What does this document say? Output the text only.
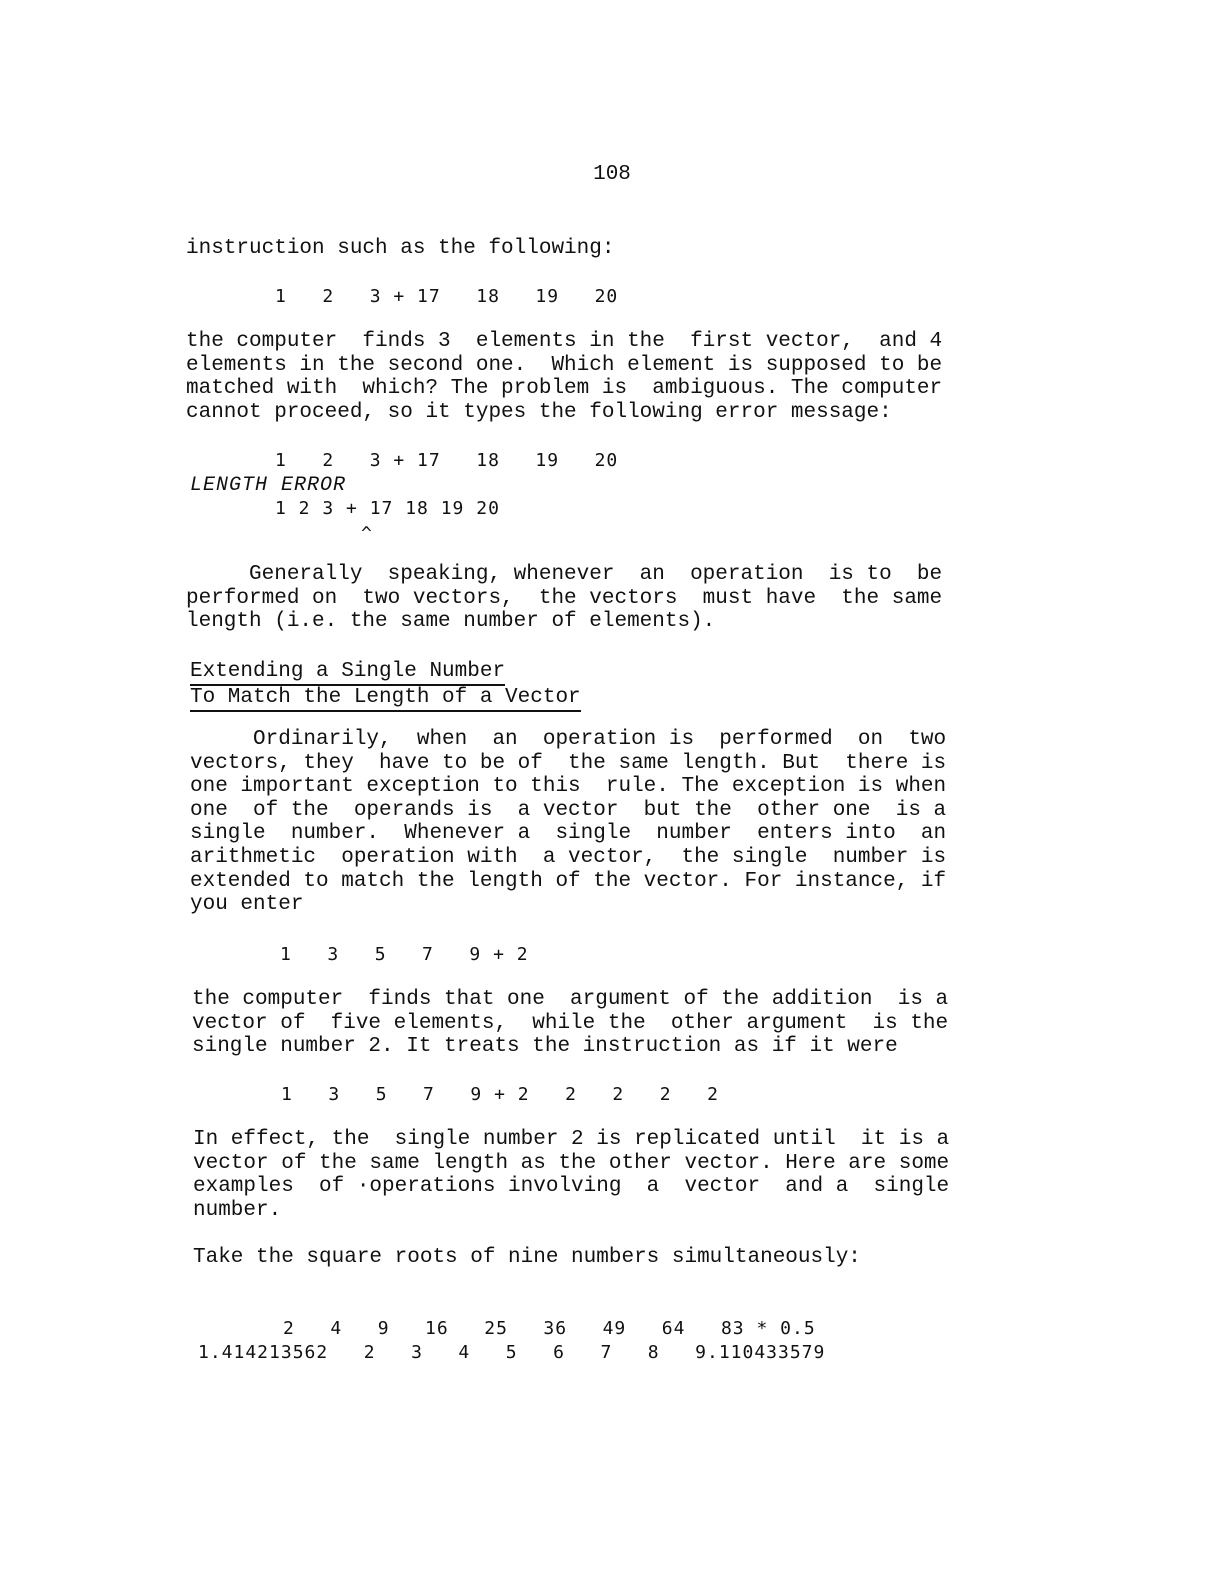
108
instruction such as the following:
1   2   3 + 17   18   19   20
the computer  finds 3  elements in the  first vector,  and 4
elements in the second one.  Which element is supposed to be
matched with  which? The problem is  ambiguous. The computer
cannot proceed, so it types the following error message:
1   2   3 + 17   18   19   20
LENGTH ERROR
1 2 3 + 17 18 19 20
^
Generally  speaking, whenever  an  operation  is to  be
performed on  two vectors,  the vectors  must have  the same
length (i.e. the same number of elements).
Extending a Single Number
To Match the Length of a Vector
Ordinarily,  when  an  operation is  performed  on  two
vectors, they  have to be of  the same length. But  there is
one important exception to this  rule. The exception is when
one  of the  operands is  a vector  but the  other one  is a
single  number.  Whenever a  single  number  enters into  an
arithmetic  operation with  a vector,  the single  number is
extended to match the length of the vector. For instance, if
you enter
1   3   5   7   9 + 2
the computer  finds that one  argument of the addition  is a
vector of  five elements,  while the  other argument  is the
single number 2. It treats the instruction as if it were
1   3   5   7   9 + 2   2   2   2   2
In effect, the  single number 2 is replicated until  it is a
vector of the same length as the other vector. Here are some
examples  of ·operations involving  a  vector  and a  single
number.
Take the square roots of nine numbers simultaneously:
2   4   9   16   25   36   49   64   83 * 0.5
1.414213562   2   3   4   5   6   7   8   9.110433579
